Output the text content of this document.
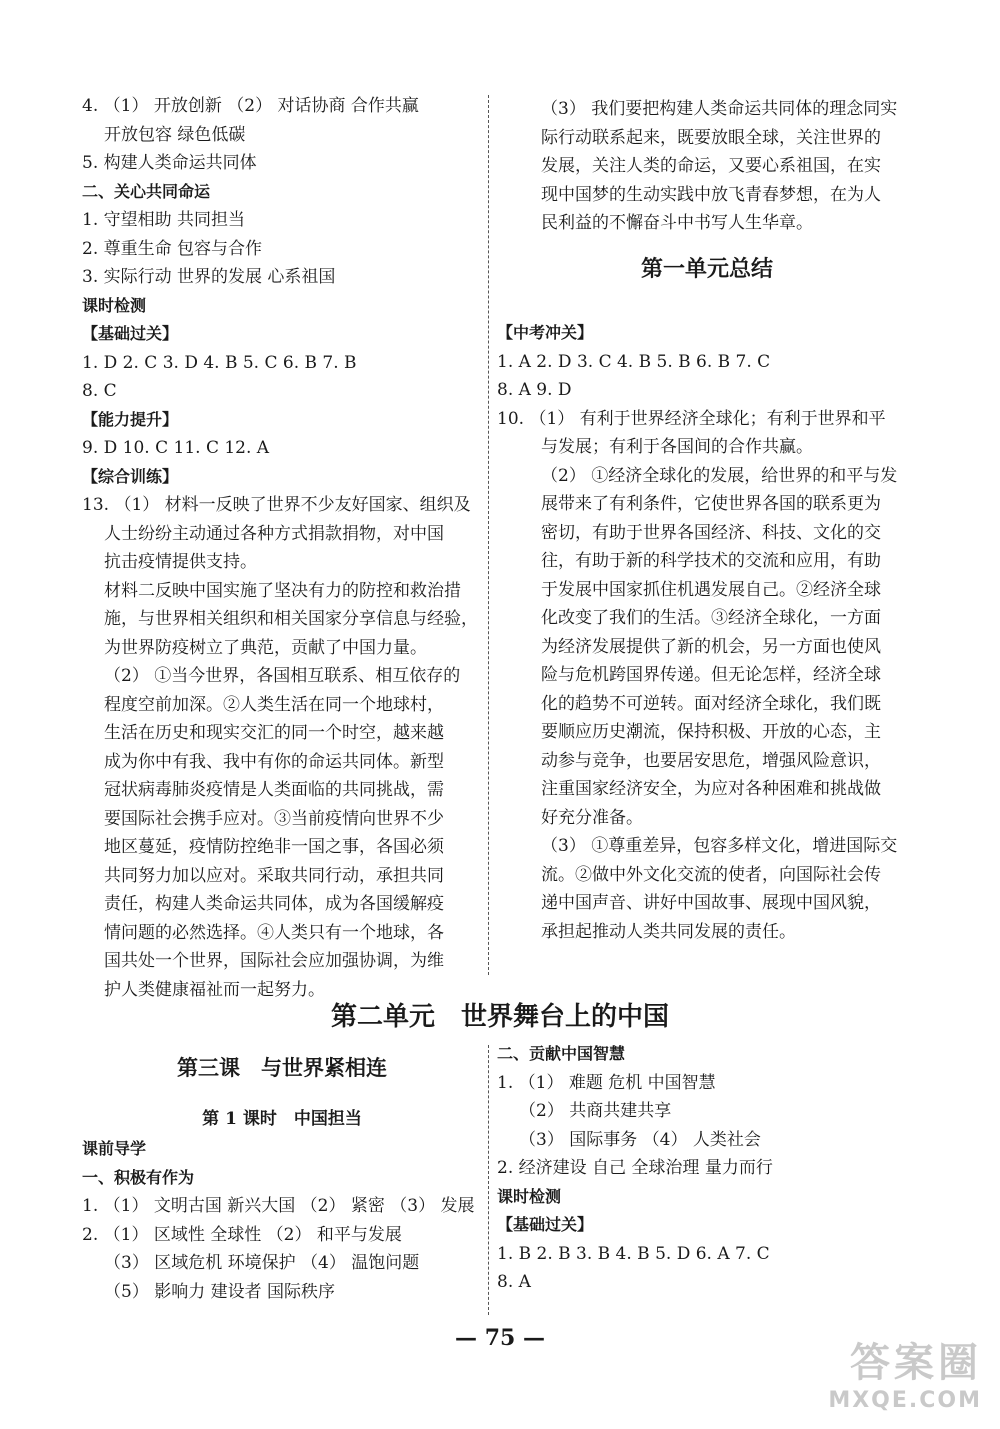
4. （1） 开放创新 （2） 对话协商 合作共赢
开放包容 绿色低碳
5. 构建人类命运共同体
二、关心共同命运
1. 守望相助 共同担当
2. 尊重生命 包容与合作
3. 实际行动 世界的发展 心系祖国
课时检测
【基础过关】
1. D 2. C 3. D 4. B 5. C 6. B 7. B
8. C
【能力提升】
9. D 10. C 11. C 12. A
【综合训练】
13. （1） 材料一反映了世界不少友好国家、组织及
人士纷纷主动通过各种方式捐款捐物，对中国
抗击疫情提供支持。
材料二反映中国实施了坚决有力的防控和救治措
施，与世界相关组织和相关国家分享信息与经验，
为世界防疫树立了典范，贡献了中国力量。
（2） ①当今世界，各国相互联系、相互依存的
程度空前加深。②人类生活在同一个地球村，
生活在历史和现实交汇的同一个时空，越来越
成为你中有我、我中有你的命运共同体。新型
冠状病毒肺炎疫情是人类面临的共同挑战，需
要国际社会携手应对。③当前疫情向世界不少
地区蔓延，疫情防控绝非一国之事，各国必须
共同努力加以应对。采取共同行动，承担共同
责任，构建人类命运共同体，成为各国缓解疫
情问题的必然选择。④人类只有一个地球，各
国共处一个世界，国际社会应加强协调，为维
护人类健康福祉而一起努力。
（3） 我们要把构建人类命运共同体的理念同实
际行动联系起来，既要放眼全球，关注世界的
发展，关注人类的命运，又要心系祖国，在实
现中国梦的生动实践中放飞青春梦想，在为人
民利益的不懈奋斗中书写人生华章。
第一单元总结
【中考冲关】
1. A 2. D 3. C 4. B 5. B 6. B 7. C
8. A 9. D
10. （1） 有利于世界经济全球化；有利于世界和平
与发展；有利于各国间的合作共赢。
（2） ①经济全球化的发展，给世界的和平与发
展带来了有利条件，它使世界各国的联系更为
密切，有助于世界各国经济、科技、文化的交
往，有助于新的科学技术的交流和应用，有助
于发展中国家抓住机遇发展自己。②经济全球
化改变了我们的生活。③经济全球化，一方面
为经济发展提供了新的机会，另一方面也使风
险与危机跨国界传递。但无论怎样，经济全球
化的趋势不可逆转。面对经济全球化，我们既
要顺应历史潮流，保持积极、开放的心态，主
动参与竞争，也要居安思危，增强风险意识，
注重国家经济安全，为应对各种困难和挑战做
好充分准备。
（3） ①尊重差异，包容多样文化，增进国际交
流。②做中外文化交流的使者，向国际社会传
递中国声音、讲好中国故事、展现中国风貌，
承担起推动人类共同发展的责任。
第二单元　世界舞台上的中国
第三课　与世界紧相连
第 1 课时　中国担当
课前导学
一、积极有作为
1. （1） 文明古国 新兴大国 （2） 紧密 （3） 发展
2. （1） 区域性 全球性 （2） 和平与发展
（3） 区域危机 环境保护 （4） 温饱问题
（5） 影响力 建设者 国际秩序
二、贡献中国智慧
1. （1） 难题 危机 中国智慧
（2） 共商共建共享
（3） 国际事务 （4） 人类社会
2. 经济建设 自己 全球治理 量力而行
课时检测
【基础过关】
1. B 2. B 3. B 4. B 5. D 6. A 7. C
8. A
— 75 —
答案圈
MXQE.COM
